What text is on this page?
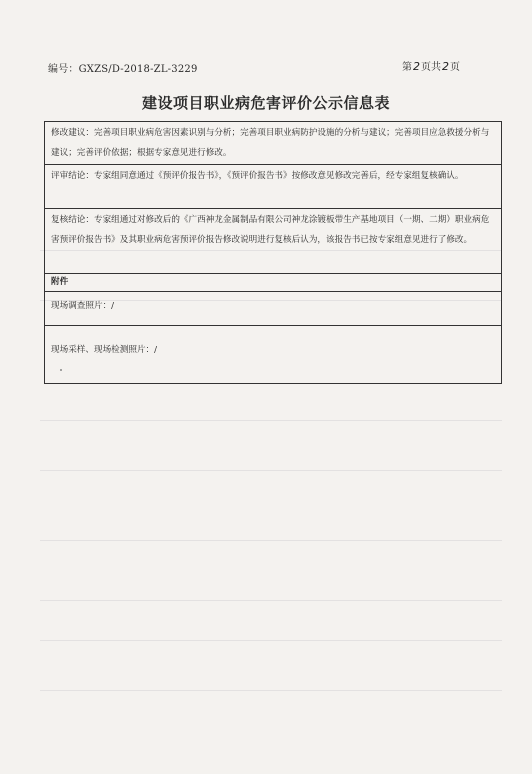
编号：GXZS/D-2018-ZL-3229	第2页共2页
建设项目职业病危害评价公示信息表
修改建议：完善项目职业病危害因素识别与分析；完善项目职业病防护设施的分析与建议；完善项目应急救援分析与建议；完善评价依据；根据专家意见进行修改。
评审结论：专家组同意通过《预评价报告书》，《预评价报告书》按修改意见修改完善后，经专家组复核确认。
复核结论：专家组通过对修改后的《广西神龙金属制品有限公司神龙涂镀板带生产基地项目（一期、二期）职业病危害预评价报告书》及其职业病危害预评价报告修改说明进行复核后认为，该报告书已按专家组意见进行了修改。
附件
现场调查照片：/
现场采样、现场检测照片：/
